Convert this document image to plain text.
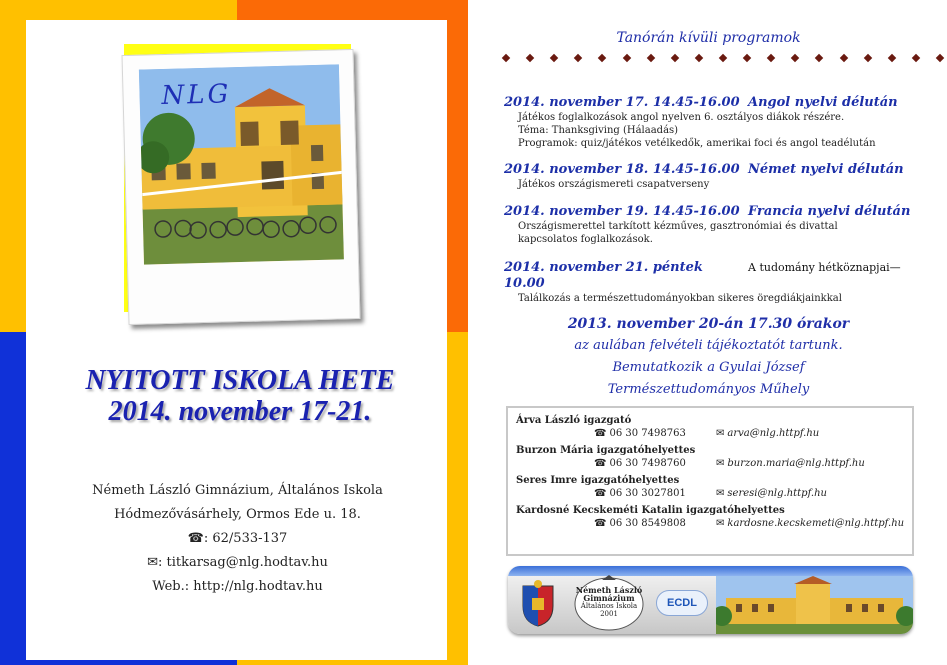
NLG
NYITOTT ISKOLA HETE
2014. november 17-21.
Németh László Gimnázium, Általános Iskola
Hódmezővásárhely, Ormos Ede u. 18.
☎: 62/533-137
✉: titkarsag@nlg.hodtav.hu
Web.: http://nlg.hodtav.hu
Tanórán kívüli programok
2014. november 17. 14.45-16.00 Angol nyelvi délután
Játékos foglalkozások angol nyelven 6. osztályos diákok részére.
Téma: Thanksgiving (Hálaadás)
Programok: quiz/játékos vetélkedők, amerikai foci és angol teadélután
2014. november 18. 14.45-16.00 Német nyelvi délután
Játékos országismereti csapatverseny
2014. november 19. 14.45-16.00 Francia nyelvi délután
Országismerettel tarkított kézműves, gasztronómiai és divattal
kapcsolatos foglalkozások.
2014. november 21. péntek 10.00
A tudomány hétköznapjai—
Találkozás a természettudományokban sikeres öregdiákjainkkal
2013. november 20-án 17.30 órakor
az aulában felvételi tájékoztatót tartunk.
Bemutatkozik a Gyulai József
Természettudományos Műhely
Árva László igazgató
☎ 06 30 7498763	✉ arva@nlg.httpf.hu
Burzon Mária igazgatóhelyettes
☎ 06 30 7498760	✉ burzon.maria@nlg.httpf.hu
Seres Imre igazgatóhelyettes
☎ 06 30 3027801	✉ seresi@nlg.httpf.hu
Kardosné Kecskeméti Katalin igazgatóhelyettes
☎ 06 30 8549808	✉ kardosne.kecskemeti@nlg.httpf.hu
Németh László
Gimnázium
Általános Iskola
2001
ECDL
